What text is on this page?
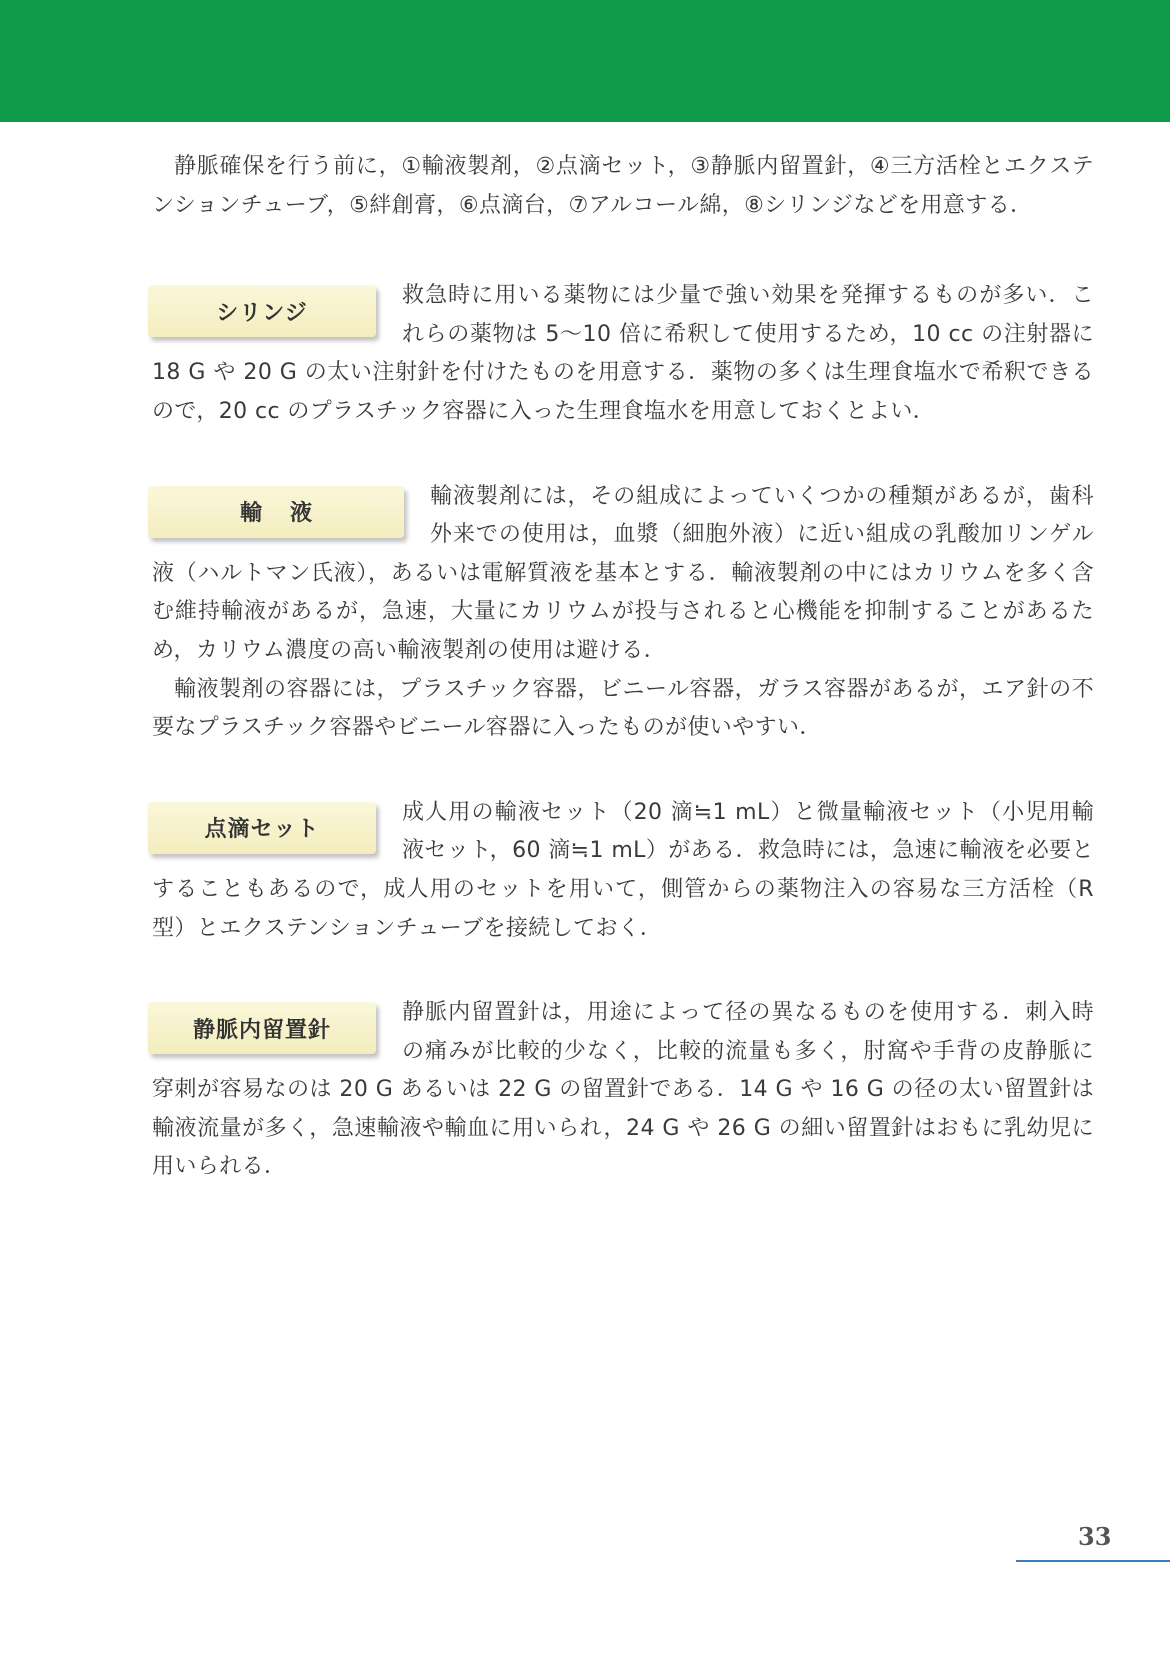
静脈確保を行う前に，①輸液製剤，②点滴セット，③静脈内留置針，④三方活栓とエクステンションチューブ，⑤絆創膏，⑥点滴台，⑦アルコール綿，⑧シリンジなどを用意する．

シリンジ

救急時に用いる薬物には少量で強い効果を発揮するものが多い．これらの薬物は 5〜10 倍に希釈して使用するため，10 cc の注射器に 18 G や 20 G の太い注射針を付けたものを用意する．薬物の多くは生理食塩水で希釈できるので，20 cc のプラスチック容器に入った生理食塩水を用意しておくとよい．

輸液

輸液製剤には，その組成によっていくつかの種類があるが，歯科外来での使用は，血漿（細胞外液）に近い組成の乳酸加リンゲル液（ハルトマン氏液），あるいは電解質液を基本とする．輸液製剤の中にはカリウムを多く含む維持輸液があるが，急速，大量にカリウムが投与されると心機能を抑制することがあるため，カリウム濃度の高い輸液製剤の使用は避ける．

輸液製剤の容器には，プラスチック容器，ビニール容器，ガラス容器があるが，エア針の不要なプラスチック容器やビニール容器に入ったものが使いやすい．

点滴セット

成人用の輸液セット（20 滴≒1 mL）と微量輸液セット（小児用輸液セット，60 滴≒1 mL）がある．救急時には，急速に輸液を必要とすることもあるので，成人用のセットを用いて，側管からの薬物注入の容易な三方活栓（R 型）とエクステンションチューブを接続しておく．

静脈内留置針

静脈内留置針は，用途によって径の異なるものを使用する．刺入時の痛みが比較的少なく，比較的流量も多く，肘窩や手背の皮静脈に穿刺が容易なのは 20 G あるいは 22 G の留置針である．14 G や 16 G の径の太い留置針は輸液流量が多く，急速輸液や輸血に用いられ，24 G や 26 G の細い留置針はおもに乳幼児に用いられる．

33
